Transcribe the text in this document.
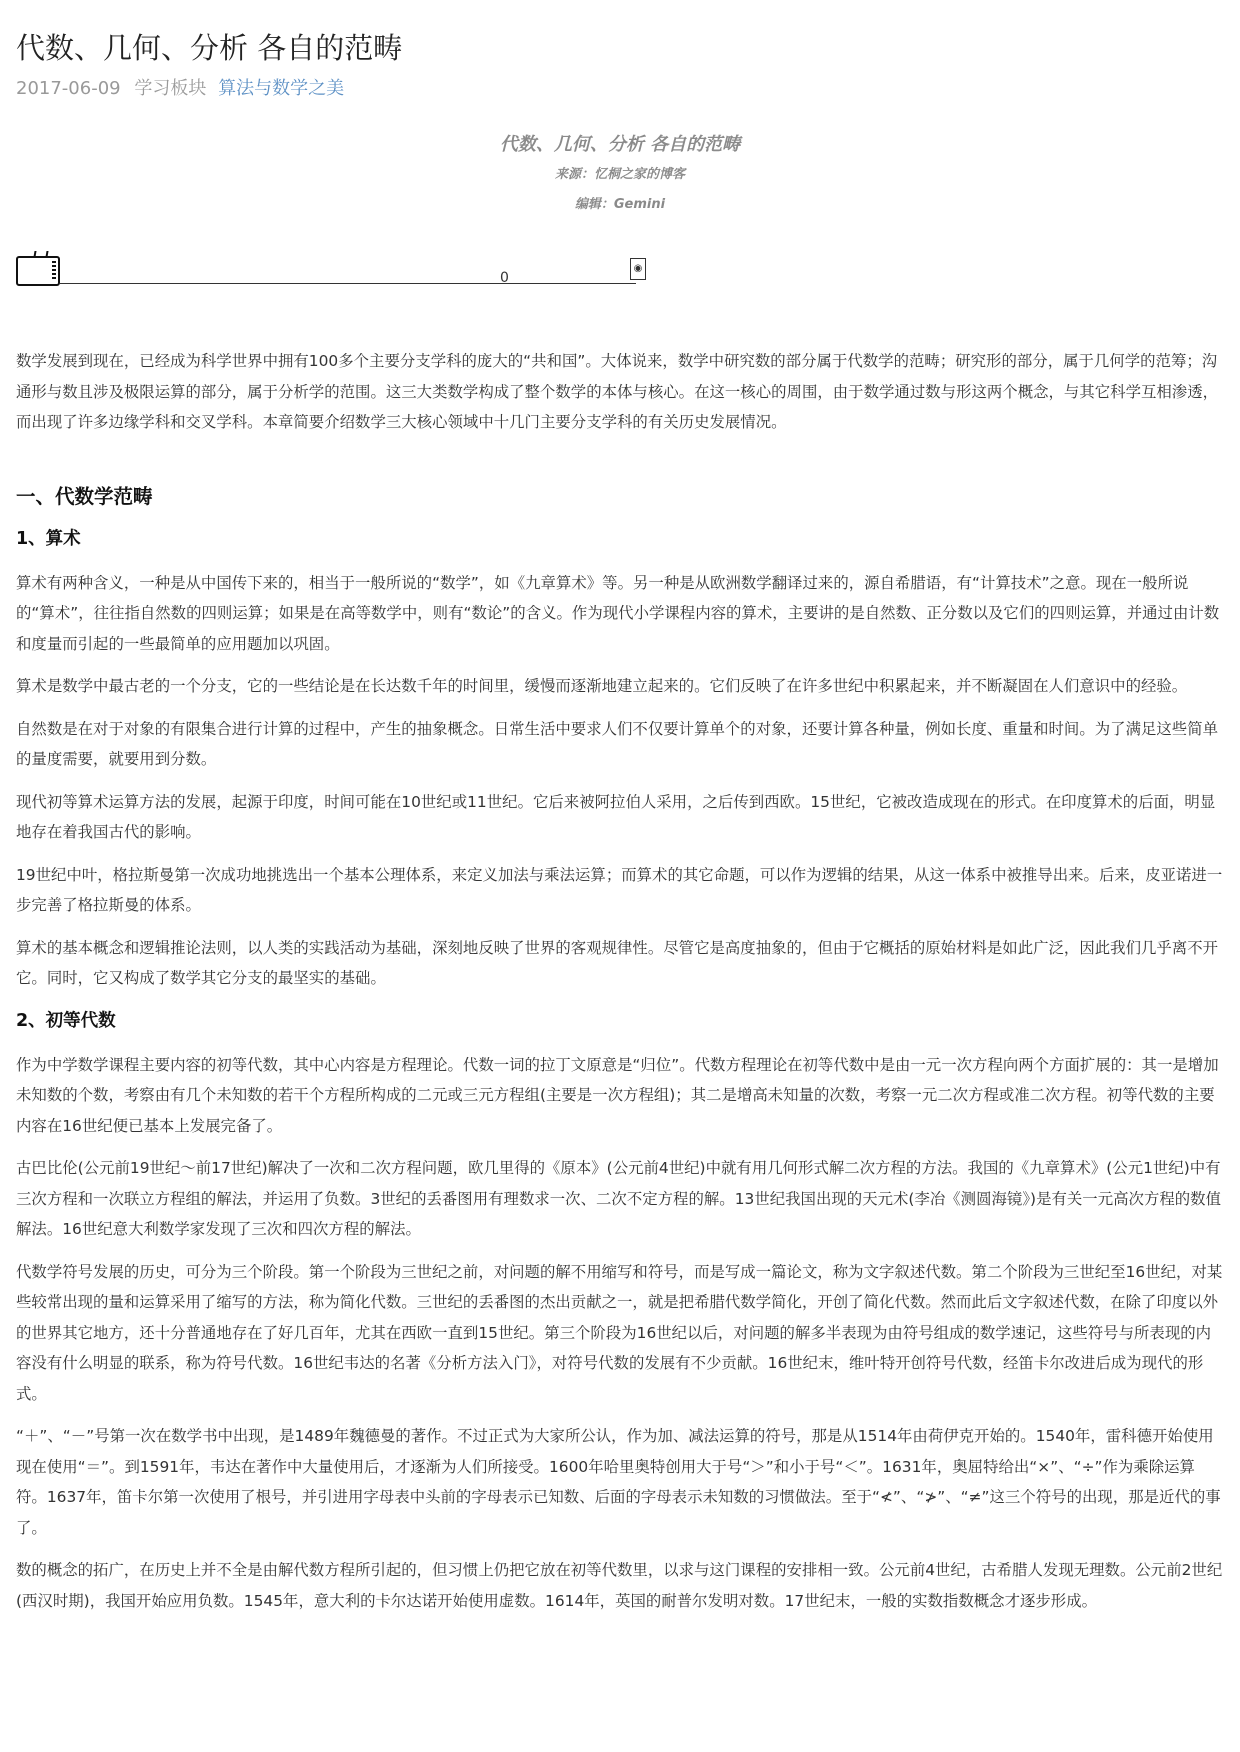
代数、几何、分析 各自的范畴
2017-06-09 学习板块 算法与数学之美
代数、几何、分析 各自的范畴
来源：忆桐之家的博客
编辑：Gemini
0
◉

数学发展到现在，已经成为科学世界中拥有100多个主要分支学科的庞大的“共和国”。大体说来，数学中研究数的部分属于代数学的范畴；研究形的部分，属于几何学的范筹；沟通形与数且涉及极限运算的部分，属于分析学的范围。这三大类数学构成了整个数学的本体与核心。在这一核心的周围，由于数学通过数与形这两个概念，与其它科学互相渗透，而出现了许多边缘学科和交叉学科。本章简要介绍数学三大核心领域中十几门主要分支学科的有关历史发展情况。

一、代数学范畴
1、算术

算术有两种含义，一种是从中国传下来的，相当于一般所说的“数学”，如《九章算术》等。另一种是从欧洲数学翻译过来的，源自希腊语，有“计算技术”之意。现在一般所说的“算术”，往往指自然数的四则运算；如果是在高等数学中，则有“数论”的含义。作为现代小学课程内容的算术，主要讲的是自然数、正分数以及它们的四则运算，并通过由计数和度量而引起的一些最简单的应用题加以巩固。

算术是数学中最古老的一个分支，它的一些结论是在长达数千年的时间里，缓慢而逐渐地建立起来的。它们反映了在许多世纪中积累起来，并不断凝固在人们意识中的经验。

自然数是在对于对象的有限集合进行计算的过程中，产生的抽象概念。日常生活中要求人们不仅要计算单个的对象，还要计算各种量，例如长度、重量和时间。为了满足这些简单的量度需要，就要用到分数。

现代初等算术运算方法的发展，起源于印度，时间可能在10世纪或11世纪。它后来被阿拉伯人采用，之后传到西欧。15世纪，它被改造成现在的形式。在印度算术的后面，明显地存在着我国古代的影响。

19世纪中叶，格拉斯曼第一次成功地挑选出一个基本公理体系，来定义加法与乘法运算；而算术的其它命题，可以作为逻辑的结果，从这一体系中被推导出来。后来，皮亚诺进一步完善了格拉斯曼的体系。

算术的基本概念和逻辑推论法则，以人类的实践活动为基础，深刻地反映了世界的客观规律性。尽管它是高度抽象的，但由于它概括的原始材料是如此广泛，因此我们几乎离不开它。同时，它又构成了数学其它分支的最坚实的基础。

2、初等代数

作为中学数学课程主要内容的初等代数，其中心内容是方程理论。代数一词的拉丁文原意是“归位”。代数方程理论在初等代数中是由一元一次方程向两个方面扩展的：其一是增加未知数的个数，考察由有几个未知数的若干个方程所构成的二元或三元方程组(主要是一次方程组)；其二是增高未知量的次数，考察一元二次方程或准二次方程。初等代数的主要内容在16世纪便已基本上发展完备了。

古巴比伦(公元前19世纪～前17世纪)解决了一次和二次方程问题，欧几里得的《原本》(公元前4世纪)中就有用几何形式解二次方程的方法。我国的《九章算术》(公元1世纪)中有三次方程和一次联立方程组的解法，并运用了负数。3世纪的丢番图用有理数求一次、二次不定方程的解。13世纪我国出现的天元术(李冶《测圆海镜》)是有关一元高次方程的数值解法。16世纪意大利数学家发现了三次和四次方程的解法。

代数学符号发展的历史，可分为三个阶段。第一个阶段为三世纪之前，对问题的解不用缩写和符号，而是写成一篇论文，称为文字叙述代数。第二个阶段为三世纪至16世纪，对某些较常出现的量和运算采用了缩写的方法，称为简化代数。三世纪的丢番图的杰出贡献之一，就是把希腊代数学简化，开创了简化代数。然而此后文字叙述代数，在除了印度以外的世界其它地方，还十分普通地存在了好几百年，尤其在西欧一直到15世纪。第三个阶段为16世纪以后，对问题的解多半表现为由符号组成的数学速记，这些符号与所表现的内容没有什么明显的联系，称为符号代数。16世纪韦达的名著《分析方法入门》，对符号代数的发展有不少贡献。16世纪末，维叶特开创符号代数，经笛卡尔改进后成为现代的形式。

“＋”、“－”号第一次在数学书中出现，是1489年魏德曼的著作。不过正式为大家所公认，作为加、减法运算的符号，那是从1514年由荷伊克开始的。1540年，雷科德开始使用现在使用“＝”。到1591年，韦达在著作中大量使用后，才逐渐为人们所接受。1600年哈里奥特创用大于号“＞”和小于号“＜”。1631年，奥屈特给出“×”、“÷”作为乘除运算符。1637年，笛卡尔第一次使用了根号，并引进用字母表中头前的字母表示已知数、后面的字母表示未知数的习惯做法。至于“≮”、“≯”、“≠”这三个符号的出现，那是近代的事了。

数的概念的拓广，在历史上并不全是由解代数方程所引起的，但习惯上仍把它放在初等代数里，以求与这门课程的安排相一致。公元前4世纪，古希腊人发现无理数。公元前2世纪(西汉时期)，我国开始应用负数。1545年，意大利的卡尔达诺开始使用虚数。1614年，英国的耐普尔发明对数。17世纪末，一般的实数指数概念才逐步形成。
